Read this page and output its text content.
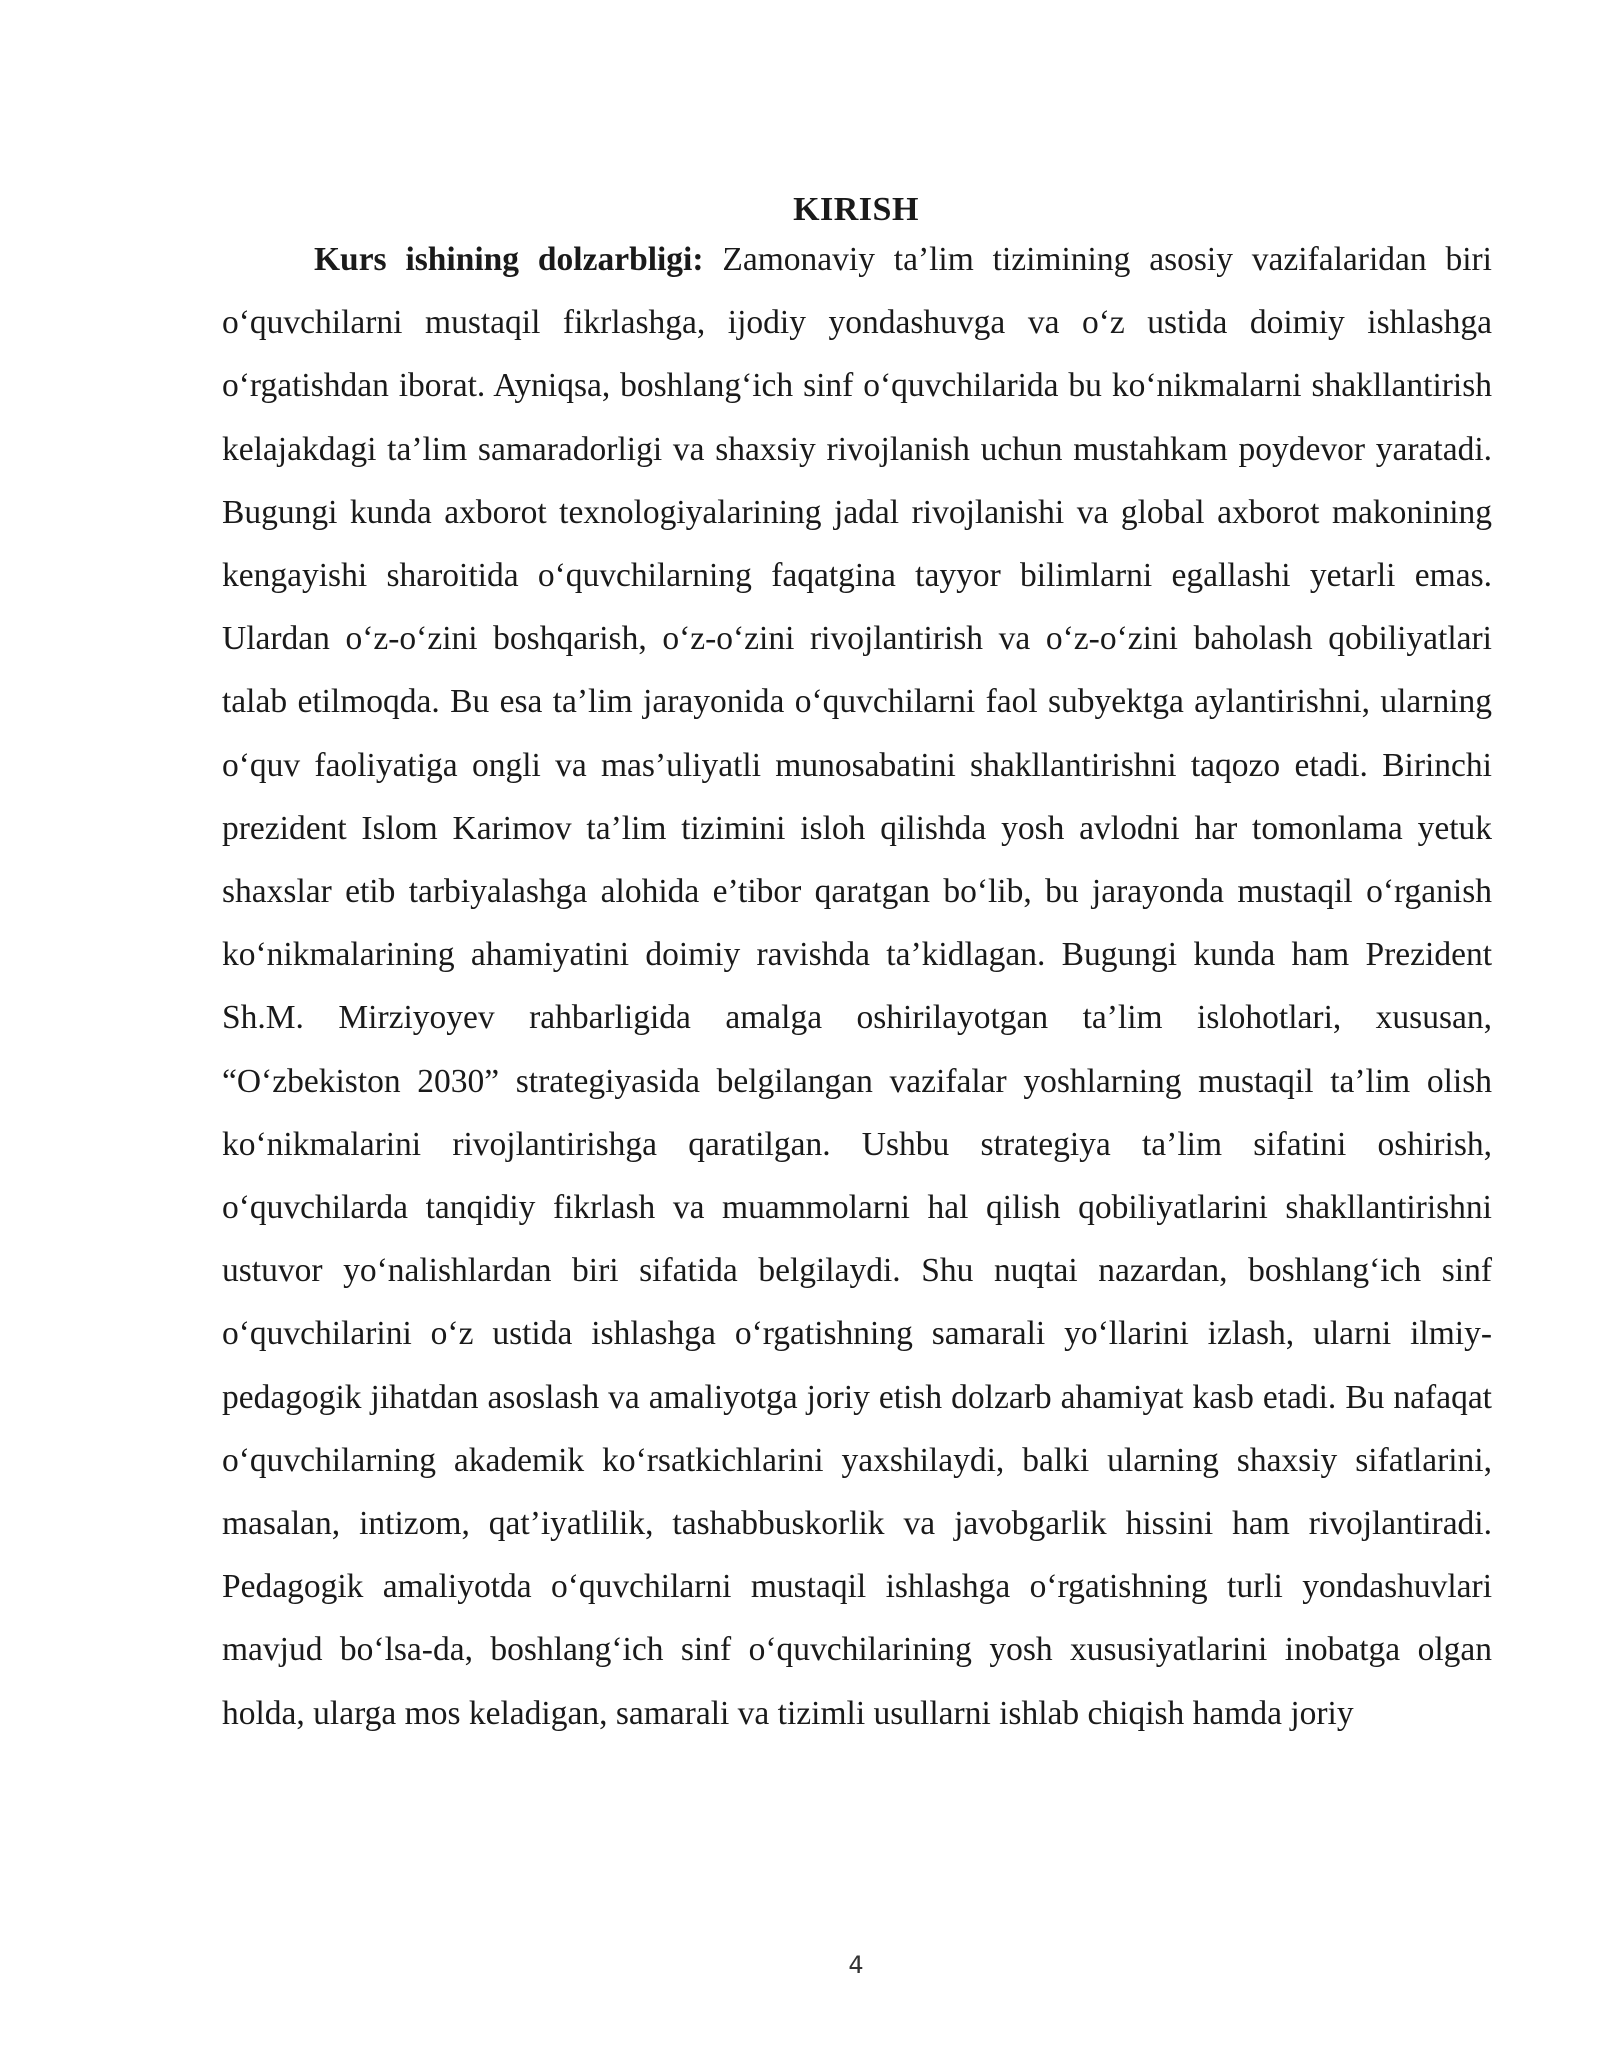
KIRISH
Kurs ishining dolzarbligi: Zamonaviy ta’lim tizimining asosiy vazifalaridan biri o‘quvchilarni mustaqil fikrlashga, ijodiy yondashuvga va o‘z ustida doimiy ishlashga o‘rgatishdan iborat. Ayniqsa, boshlang‘ich sinf o‘quvchilarida bu ko‘nikmalarni shakllantirish kelajakdagi ta’lim samaradorligi va shaxsiy rivojlanish uchun mustahkam poydevor yaratadi. Bugungi kunda axborot texnologiyalarining jadal rivojlanishi va global axborot makonining kengayishi sharoitida o‘quvchilarning faqatgina tayyor bilimlarni egallashi yetarli emas. Ulardan o‘z-o‘zini boshqarish, o‘z-o‘zini rivojlantirish va o‘z-o‘zini baholash qobiliyatlari talab etilmoqda. Bu esa ta’lim jarayonida o‘quvchilarni faol subyektga aylantirishni, ularning o‘quv faoliyatiga ongli va mas’uliyatli munosabatini shakllantirishni taqozo etadi. Birinchi prezident Islom Karimov ta’lim tizimini isloh qilishda yosh avlodni har tomonlama yetuk shaxslar etib tarbiyalashga alohida e’tibor qaratgan bo‘lib, bu jarayonda mustaqil o‘rganish ko‘nikmalarining ahamiyatini doimiy ravishda ta’kidlagan. Bugungi kunda ham Prezident Sh.M. Mirziyoyev rahbarligida amalga oshirilayotgan ta’lim islohotlari, xususan, “O‘zbekiston 2030” strategiyasida belgilangan vazifalar yoshlarning mustaqil ta’lim olish ko‘nikmalarini rivojlantirishga qaratilgan. Ushbu strategiya ta’lim sifatini oshirish, o‘quvchilarda tanqidiy fikrlash va muammolarni hal qilish qobiliyatlarini shakllantirishni ustuvor yo‘nalishlardan biri sifatida belgilaydi. Shu nuqtai nazardan, boshlang‘ich sinf o‘quvchilarini o‘z ustida ishlashga o‘rgatishning samarali yo‘llarini izlash, ularni ilmiy-pedagogik jihatdan asoslash va amaliyotga joriy etish dolzarb ahamiyat kasb etadi. Bu nafaqat o‘quvchilarning akademik ko‘rsatkichlarini yaxshilaydi, balki ularning shaxsiy sifatlarini, masalan, intizom, qat’iyatlilik, tashabbuskorlik va javobgarlik hissini ham rivojlantiradi. Pedagogik amaliyotda o‘quvchilarni mustaqil ishlashga o‘rgatishning turli yondashuvlari mavjud bo‘lsa-da, boshlang‘ich sinf o‘quvchilarining yosh xususiyatlarini inobatga olgan holda, ularga mos keladigan, samarali va tizimli usullarni ishlab chiqish hamda joriy
4
